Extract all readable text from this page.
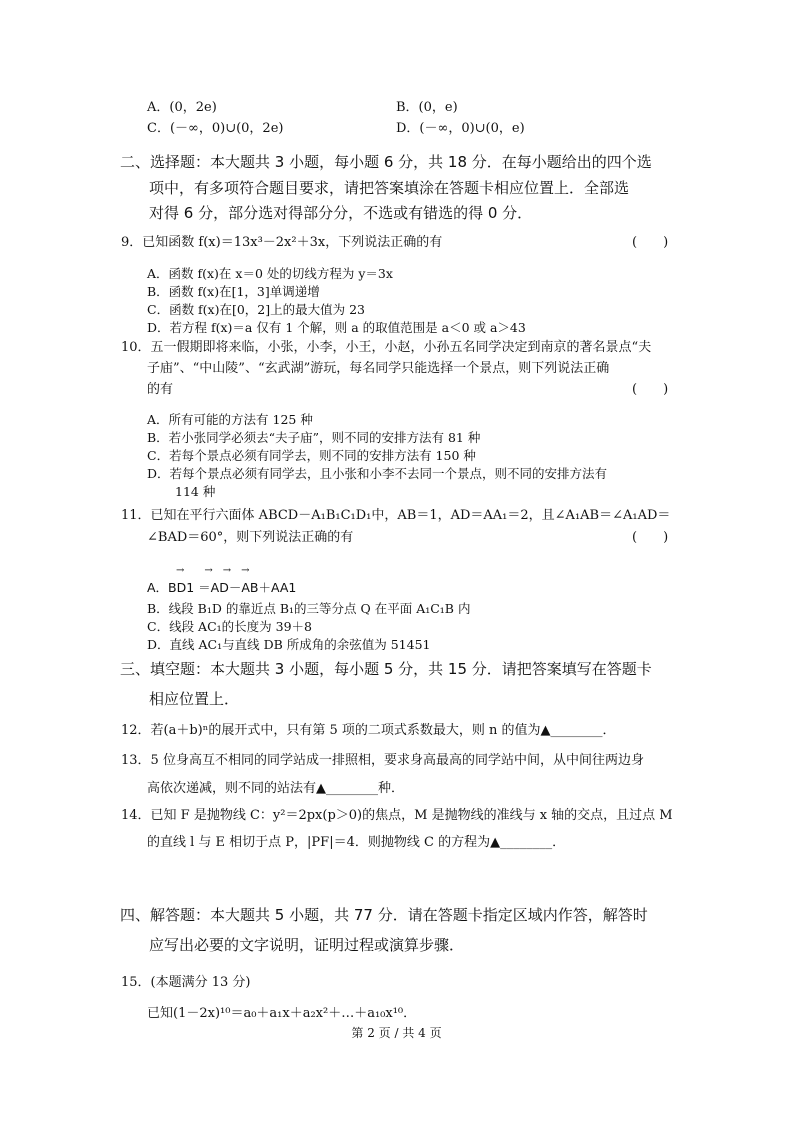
A．(0，2e)	B．(0，e)
C．(－∞，0)∪(0，2e)	D．(－∞，0)∪(0，e)
二、选择题：本大题共 3 小题，每小题 6 分，共 18 分．在每小题给出的四个选
项中，有多项符合题目要求，请把答案填涂在答题卡相应位置上．全部选
对得 6 分，部分选对得部分分，不选或有错选的得 0 分．
9．已知函数 f(x)＝13x³－2x²＋3x，下列说法正确的有	(　　)
A．函数 f(x)在 x＝0 处的切线方程为 y＝3x
B．函数 f(x)在[1，3]单调递增
C．函数 f(x)在[0，2]上的最大值为 23
D．若方程 f(x)＝a 仅有 1 个解，则 a 的取值范围是 a＜0 或 a＞43
10．五一假期即将来临，小张，小李，小王，小赵，小孙五名同学决定到南京的著名景点“夫
子庙”、“中山陵”、“玄武湖”游玩，每名同学只能选择一个景点，则下列说法正确
的有	(　　)
A．所有可能的方法有 125 种
B．若小张同学必须去“夫子庙”，则不同的安排方法有 81 种
C．若每个景点必须有同学去，则不同的安排方法有 150 种
D．若每个景点必须有同学去，且小张和小李不去同一个景点，则不同的安排方法有
114 种
11．已知在平行六面体 ABCD－A₁B₁C₁D₁中，AB＝1，AD＝AA₁＝2，且∠A₁AB＝∠A₁AD＝
∠BAD＝60°，则下列说法正确的有	(　　)
→　　→　→　→
A．BD1 ＝AD－AB＋AA1
B．线段 B₁D 的靠近点 B₁的三等分点 Q 在平面 A₁C₁B 内
C．线段 AC₁的长度为 39＋8
D．直线 AC₁与直线 DB 所成角的余弦值为 51451
三、填空题：本大题共 3 小题，每小题 5 分，共 15 分．请把答案填写在答题卡
相应位置上．
12．若(a＋b)ⁿ的展开式中，只有第 5 项的二项式系数最大，则 n 的值为▲________．
13．5 位身高互不相同的同学站成一排照相，要求身高最高的同学站中间，从中间往两边身
高依次递减，则不同的站法有▲________种．
14．已知 F 是抛物线 C：y²＝2px(p＞0)的焦点，M 是抛物线的准线与 x 轴的交点，且过点 M
的直线 l 与 E 相切于点 P，|PF|＝4．则抛物线 C 的方程为▲________．
四、解答题：本大题共 5 小题，共 77 分．请在答题卡指定区域内作答，解答时
应写出必要的文字说明，证明过程或演算步骤．
15．(本题满分 13 分)
已知(1－2x)¹⁰＝a₀＋a₁x＋a₂x²＋…＋a₁₀x¹⁰．
第 2 页 / 共 4 页
